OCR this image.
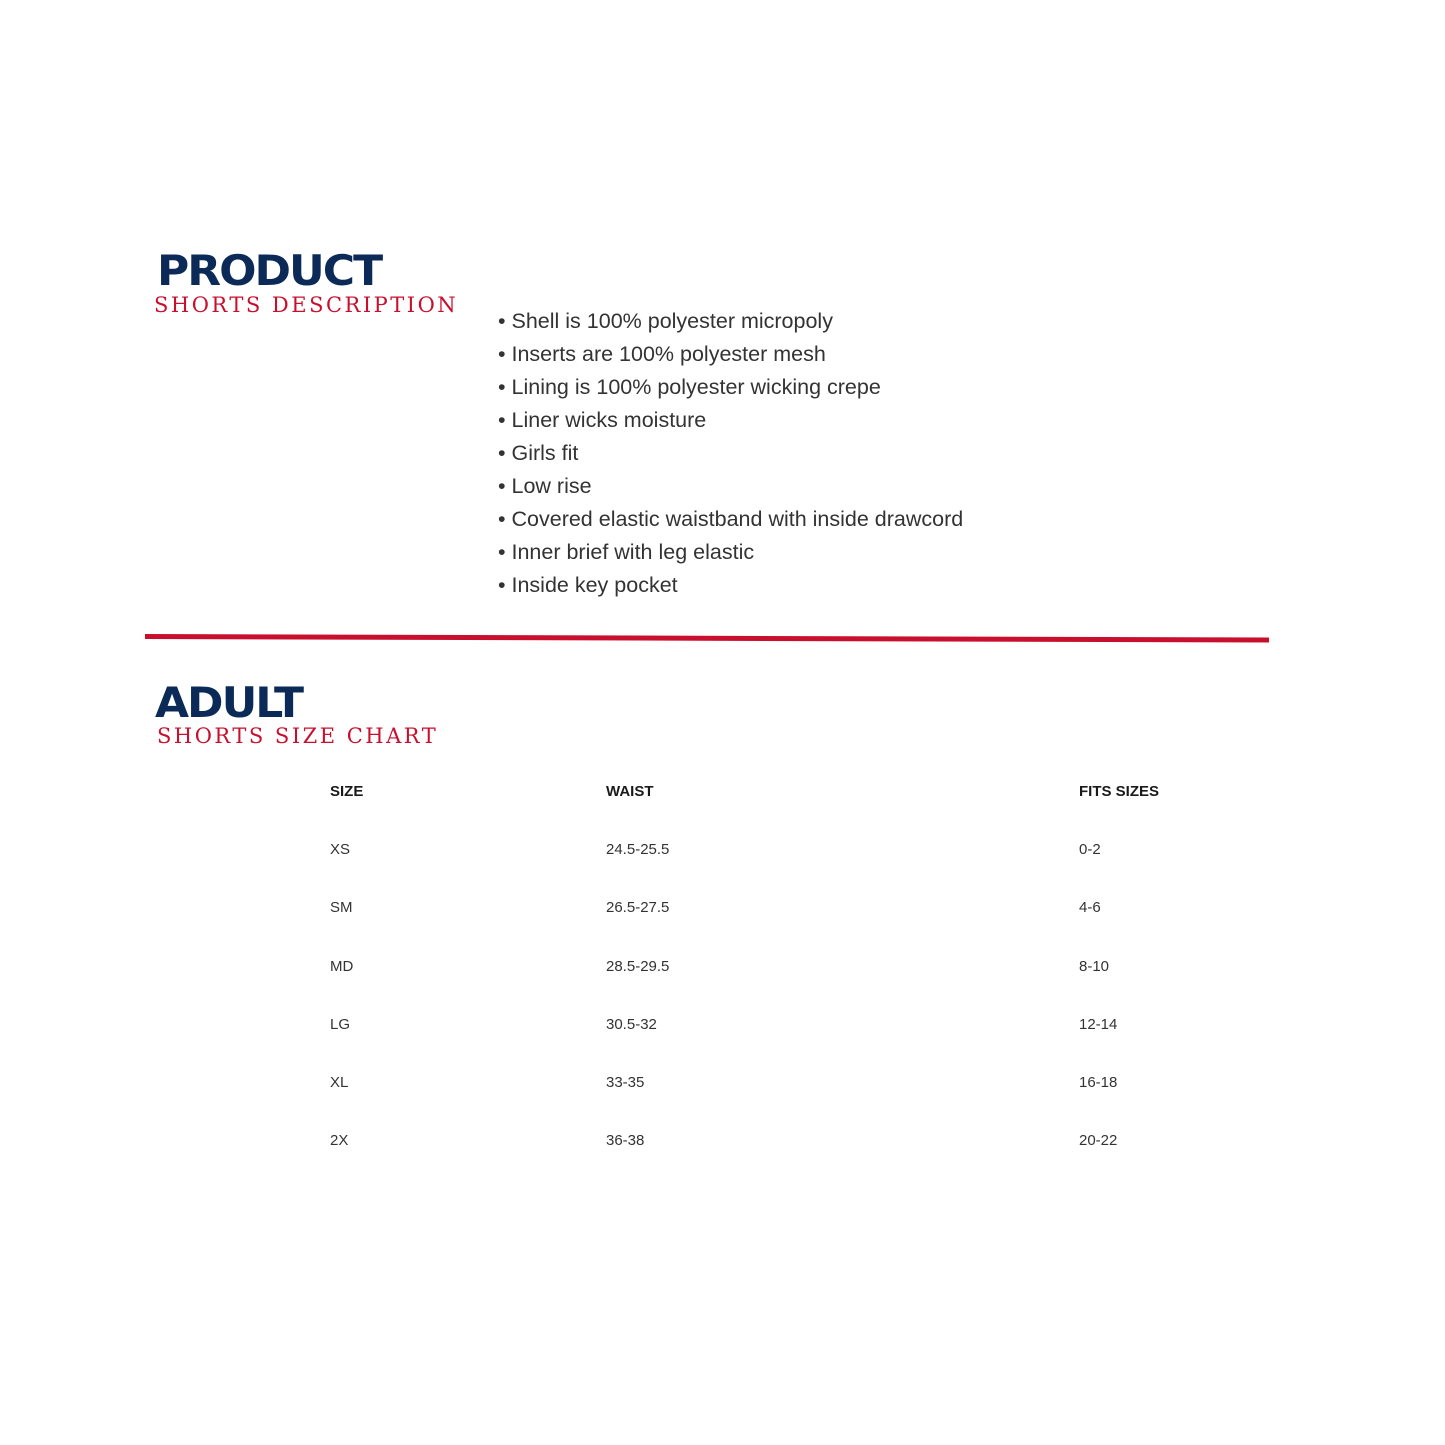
PRODUCT
SHORTS DESCRIPTION
• Shell is 100% polyester micropoly
• Inserts are 100% polyester mesh
• Lining is 100% polyester wicking crepe
• Liner wicks moisture
• Girls fit
• Low rise
• Covered elastic waistband with inside drawcord
• Inner brief with leg elastic
• Inside key pocket
ADULT
SHORTS SIZE CHART
SIZE	WAIST	FITS SIZES
XS	24.5-25.5	0-2
SM	26.5-27.5	4-6
MD	28.5-29.5	8-10
LG	30.5-32	12-14
XL	33-35	16-18
2X	36-38	20-22
